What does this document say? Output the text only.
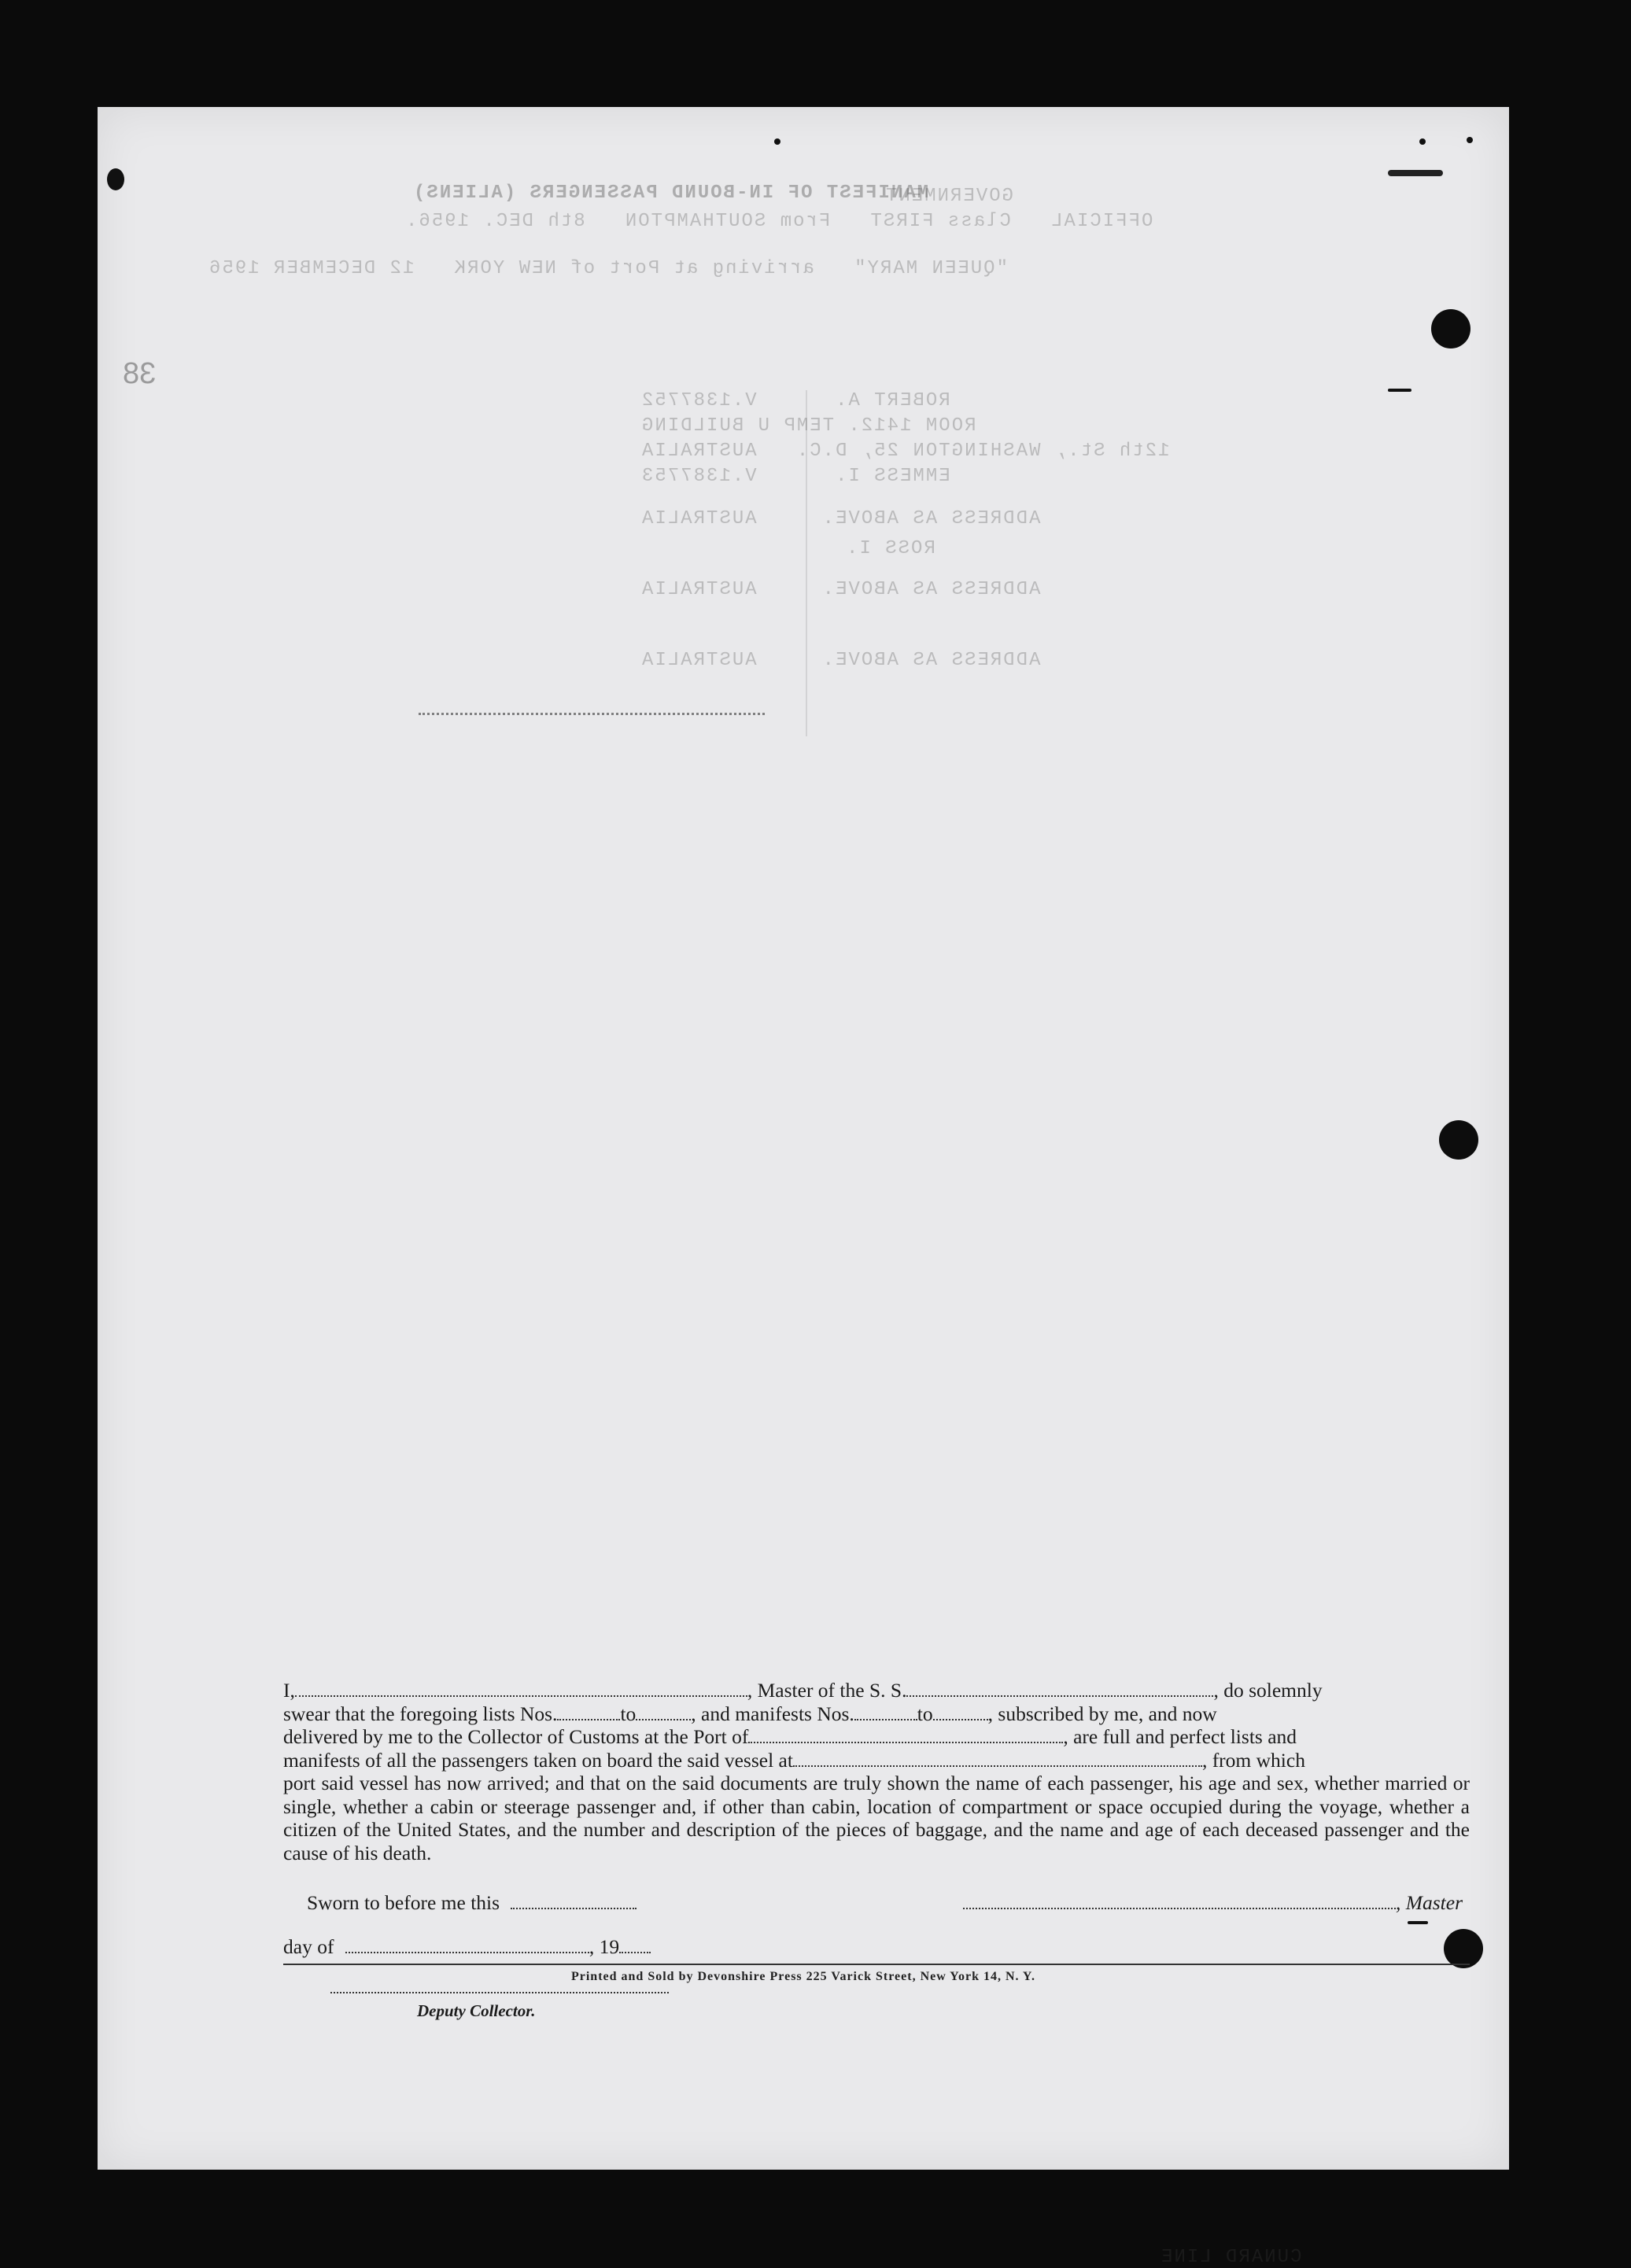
MANIFEST OF IN-BOUND PASSENGERS (ALIENS)
OFFICIAL   Class FIRST   From SOUTHAMPTON   8th DEC. 1956.
GOVERNMENT
"QUEEN MARY"   arriving at Port of NEW YORK   12 DECEMBER 1956
38
ROBERT A.      V.1387752
ROOM 1412. TEMP U BUILDING
12th St., WASHINGTON 25, D.C.   AUSTRALIA
EMMESS I.      V.1387753
ADDRESS AS ABOVE.     AUSTRALIA
ROSS I.
ADDRESS AS ABOVE.     AUSTRALIA
ADDRESS AS ABOVE.     AUSTRALIA
CUNARD LINE
I,	, Master of the S. S.	, do solemnly
swear that the foregoing lists Nos.	to	, and manifests Nos.	to	, subscribed by me, and now
delivered by me to the Collector of Customs at the Port of	, are full and perfect lists and
manifests of all the passengers taken on board the said vessel at	, from which
port said vessel has now arrived; and that on the said documents are truly shown the name of each passenger, his age and sex, whether married or single, whether a cabin or steerage passenger and, if other than cabin, location of compartment or space occupied during the voyage, whether a citizen of the United States, and the number and description of the pieces of baggage, and the name and age of each deceased passenger and the cause of his death.
Sworn to before me this	, Master
day of	, 19
Deputy Collector.
Printed and Sold by Devonshire Press 225 Varick Street, New York 14, N. Y.
